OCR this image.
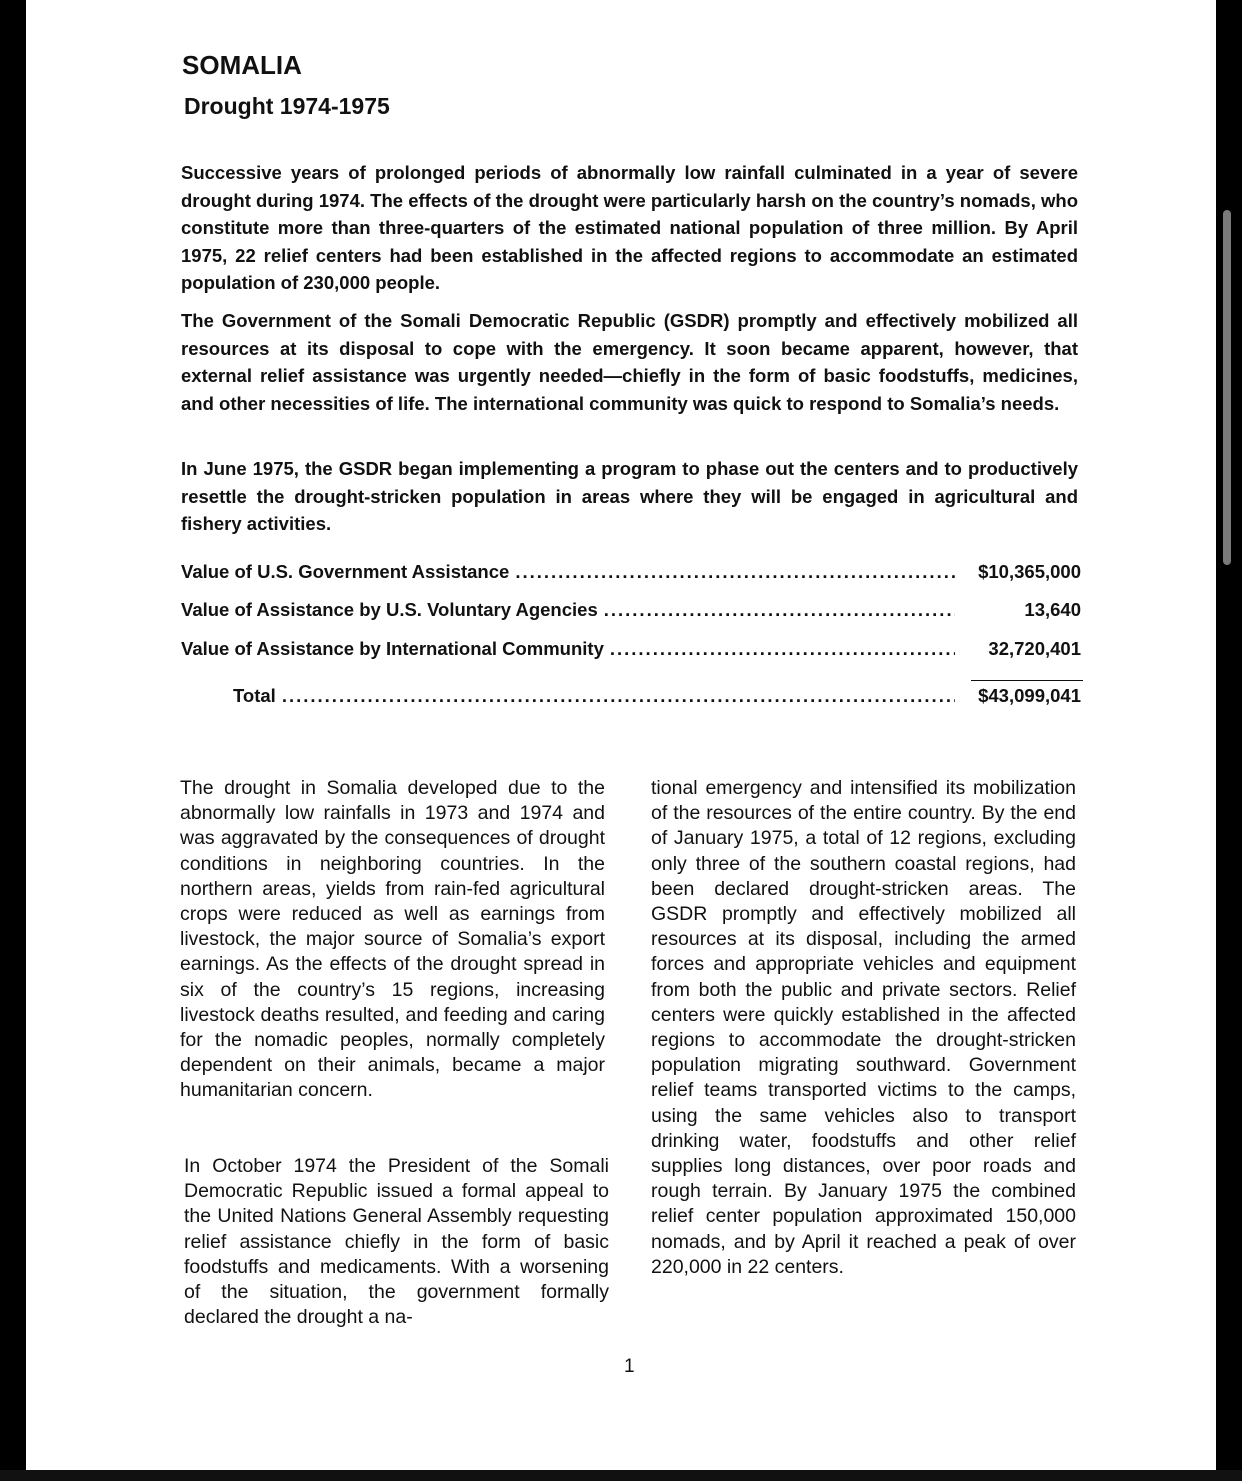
SOMALIA
Drought 1974-1975

Successive years of prolonged periods of abnormally low rainfall culminated in a year of severe drought during 1974. The effects of the drought were particularly harsh on the country’s nomads, who constitute more than three-quarters of the estimated national population of three million. By April 1975, 22 relief centers had been established in the affected regions to accommodate an estimated population of 230,000 people.

The Government of the Somali Democratic Republic (GSDR) promptly and effectively mobilized all resources at its disposal to cope with the emergency. It soon became apparent, however, that external relief assistance was urgently needed—chiefly in the form of basic foodstuffs, medicines, and other necessities of life. The international community was quick to respond to Somalia’s needs.

In June 1975, the GSDR began implementing a program to phase out the centers and to productively resettle the drought-stricken population in areas where they will be engaged in agricultural and fishery activities.

Value of U.S. Government Assistance .....	$10,365,000
Value of Assistance by U.S. Voluntary Agencies .....	13,640
Value of Assistance by International Community .....	32,720,401
Total .....	$43,099,041

The drought in Somalia developed due to the abnormally low rainfalls in 1973 and 1974 and was aggravated by the consequences of drought conditions in neighboring countries. In the northern areas, yields from rain-fed agricultural crops were reduced as well as earnings from livestock, the major source of Somalia’s export earnings. As the effects of the drought spread in six of the country’s 15 regions, increasing livestock deaths resulted, and feeding and caring for the nomadic peoples, normally completely dependent on their animals, became a major humanitarian concern.

In October 1974 the President of the Somali Democratic Republic issued a formal appeal to the United Nations General Assembly requesting relief assistance chiefly in the form of basic foodstuffs and medicaments. With a worsening of the situation, the government formally declared the drought a na-

tional emergency and intensified its mobilization of the resources of the entire country. By the end of January 1975, a total of 12 regions, excluding only three of the southern coastal regions, had been declared drought-stricken areas. The GSDR promptly and effectively mobilized all resources at its disposal, including the armed forces and appropriate vehicles and equipment from both the public and private sectors. Relief centers were quickly established in the affected regions to accommodate the drought-stricken population migrating southward. Government relief teams transported victims to the camps, using the same vehicles also to transport drinking water, foodstuffs and other relief supplies long distances, over poor roads and rough terrain. By January 1975 the combined relief center population approximated 150,000 nomads, and by April it reached a peak of over 220,000 in 22 centers.

1
